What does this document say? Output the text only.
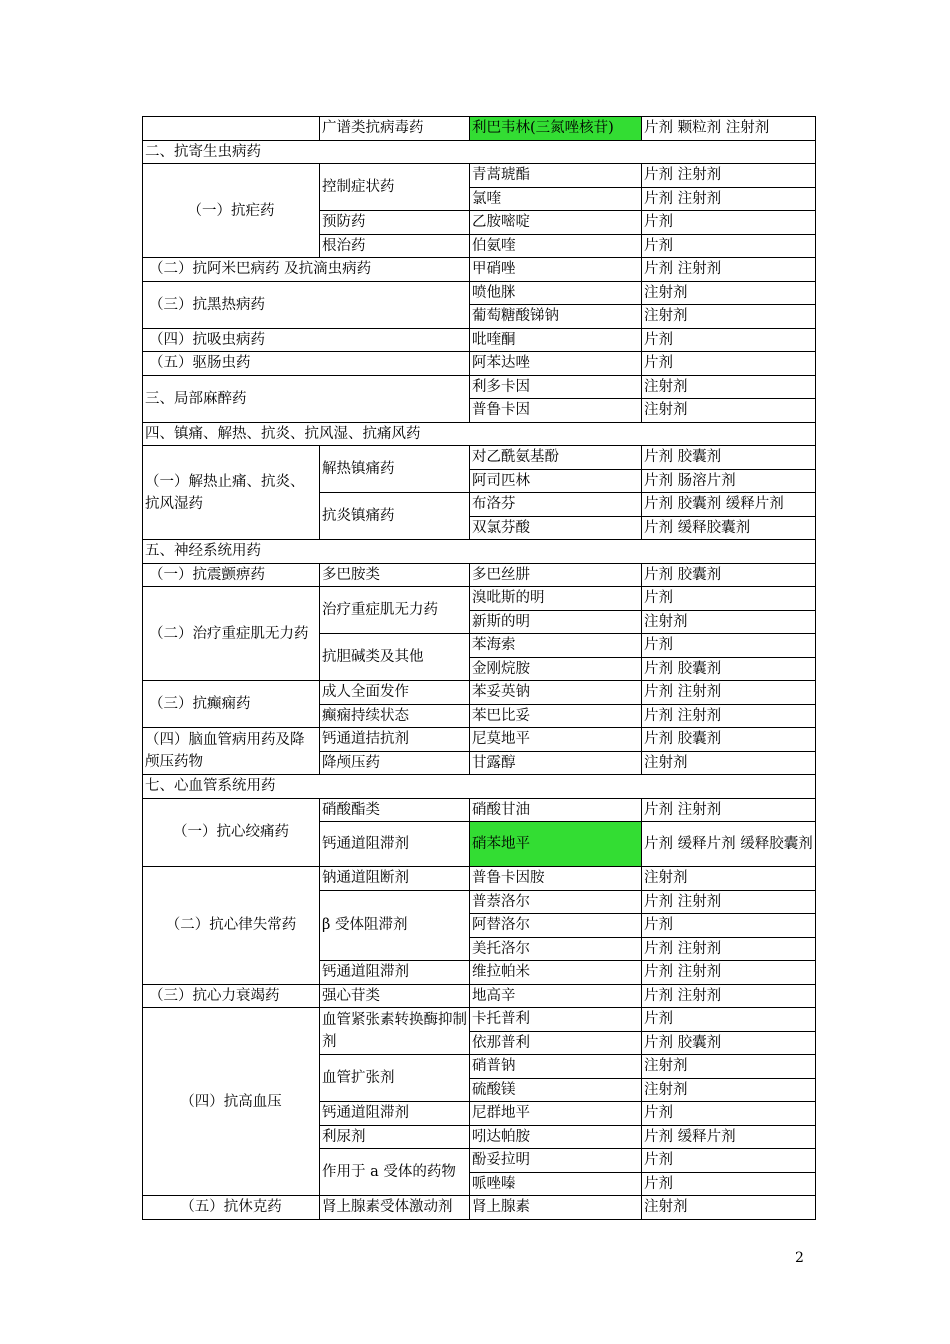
	广谱类抗病毒药	利巴韦林(三氮唑核苷)	片剂 颗粒剂 注射剂
二、抗寄生虫病药			
（一）抗疟药	控制症状药	青蒿琥酯	片剂 注射剂
		氯喹	片剂 注射剂
	预防药	乙胺嘧啶	片剂
	根治药	伯氨喹	片剂
（二）抗阿米巴病药 及抗滴虫病药		甲硝唑	片剂 注射剂
（三）抗黑热病药		喷他脒	注射剂
		葡萄糖酸锑钠	注射剂
（四）抗吸虫病药		吡喹酮	片剂
（五）驱肠虫药		阿苯达唑	片剂
三、局部麻醉药		利多卡因	注射剂
		普鲁卡因	注射剂
四、镇痛、解热、抗炎、抗风湿、抗痛风药			
（一）解热止痛、抗炎、抗风湿药	解热镇痛药	对乙酰氨基酚	片剂 胶囊剂
		阿司匹林	片剂 肠溶片剂
	抗炎镇痛药	布洛芬	片剂 胶囊剂 缓释片剂
		双氯芬酸	片剂 缓释胶囊剂
五、神经系统用药			
（一）抗震颤痹药	多巴胺类	多巴丝肼	片剂 胶囊剂
（二）治疗重症肌无力药	治疗重症肌无力药	溴吡斯的明	片剂
		新斯的明	注射剂
	抗胆碱类及其他	苯海索	片剂
		金刚烷胺	片剂 胶囊剂
（三）抗癫痫药	成人全面发作	苯妥英钠	片剂 注射剂
	癫痫持续状态	苯巴比妥	片剂 注射剂
（四）脑血管病用药及降颅压药物	钙通道拮抗剂	尼莫地平	片剂 胶囊剂
	降颅压药	甘露醇	注射剂
七、心血管系统用药			
（一）抗心绞痛药	硝酸酯类	硝酸甘油	片剂 注射剂
	钙通道阻滞剂	硝苯地平	片剂 缓释片剂 缓释胶囊剂
（二）抗心律失常药	钠通道阻断剂	普鲁卡因胺	注射剂
	β 受体阻滞剂	普萘洛尔	片剂 注射剂
		阿替洛尔	片剂
		美托洛尔	片剂 注射剂
	钙通道阻滞剂	维拉帕米	片剂 注射剂
（三）抗心力衰竭药	强心苷类	地高辛	片剂 注射剂
（四）抗高血压	血管紧张素转换酶抑制剂	卡托普利	片剂
		依那普利	片剂 胶囊剂
	血管扩张剂	硝普钠	注射剂
		硫酸镁	注射剂
	钙通道阻滞剂	尼群地平	片剂
	利尿剂	吲达帕胺	片剂 缓释片剂
	作用于 a 受体的药物	酚妥拉明	片剂
		哌唑嗪	片剂
（五）抗休克药	肾上腺素受体激动剂	肾上腺素	注射剂
2
